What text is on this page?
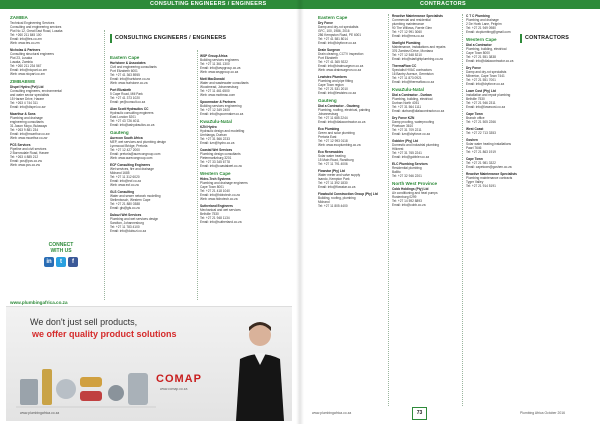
CONSULTING ENGINEERS / ENGINEERS
ZAMBIA
Technical Engineering Services
Consulting and engineering services
Plot No 12, Great East Road, Lusaka
Tel: +260 211 845 100
Email: info@tes.co.zm
Web: www.tes.co.zm
Nicholas & Partners
Consulting structural engineers
Plot 23, Lusaka
Lusaka, Zambia
Tel: +260 211 234 567
Email: info@nicpart.co.zm
Web: www.nicpart.co.zm
ZIMBABWE
Dispel Hydro (Pvt) Ltd
Consulting engineers, environmental
and water sector specialists
15 Harare Drive, Harare
Tel: +263 4 744 311
Email: info@dispel.co.zw
Mcarthur & Sons
Plumbing and drainage
engineering consultants
31 Jason Moyo, Bulawayo
Tel: +263 9 881 234
Email: info@mcarthur.co.zw
Web: www.mcarthur.co.zw
PCS Services
Pipeline and civil services
2 Borrowdale Road, Harare
Tel: +263 4 885 212
Email: pcs@pcs.co.zw
Web: www.pcs.co.zw
CONSULTING ENGINEERS / ENGINEERS
Eastern Cape
Hurlstone & Associates
Civil and engineering consultants
Port Elizabeth 6001
Tel: +27 41 363 8955
Email: info@hurlstone.co.za
Web: www.hurlstone.co.za
Port Elizabeth
5 Cape Road, Mill Park
Tel: +27 41 373 1020
Email: pe@consult.co.za
Alan Scott Hydraulics CC
Hydraulic consulting engineers
East London 5201
Tel: +27 43 726 4011
Email: info@ashydraulics.co.za
Gauteng
Aurecon South Africa
MEP, wet services and plumbing design
Lynnwood Bridge, Pretoria
Tel: +27 12 427 2000
Email: pretoria@aurecongroup.com
Web: www.aurecongroup.com
ECF Consulting Engineers
Wet services, fire and drainage
Midrand 1685
Tel: +27 11 312 6020
Email: info@ecf.co.za
Web: www.ecf.co.za
GLS Consulting
Water and sewer network modelling
Stellenbosch, Western Cape
Tel: +27 21 880 0388
Email: gls@gls.co.za
Dubuzi Wet Services
Plumbing and wet services design
Sandton, Johannesburg
Tel: +27 11 783 4100
Email: info@dubuzi.co.za
WSP Group Africa
Building services engineers
Tel: +27 11 361 1300
Email: info@wspgroup.co.za
Web: www.wspgroup.co.za
Mott MacDonald
Water and wastewater consultants
Woodmead, Johannesburg
Tel: +27 11 461 6500
Web: www.mottmac.com
Spoormaker & Partners
Building services engineering
Tel: +27 12 349 2400
Email: info@spoormaker.co.za
KwaZulu-Natal
KZN Hydro
Hydraulic design and modelling
Umhlanga, Durban
Tel: +27 31 566 2233
Email: kzn@hydro.co.za
Coastal Wet Services
Plumbing design consultants
Pietermaritzburg 3201
Tel: +27 33 345 6778
Email: info@coastalwet.co.za
Western Cape
Hidro-Tech Systems
Plumbing and drainage engineers
Cape Town 8001
Tel: +27 21 418 1040
Email: info@hidrotech.co.za
Web: www.hidrotech.co.za
Sutherland Engineers
Mechanical and wet services
Bellville 7530
Tel: +27 21 948 1134
Email: info@sutherland.co.za
CONNECT
WITH US
in	t	f
www.plumbingafrica.co.za
We don't just sell products,
we offer quality product solutions
COMAP
www.comap.co.za
www.plumbingafrica.co.za
CONTRACTORS
Eastern Cape
Dry Force
Damp and dry-rot specialists
GFC, 100, 1986, 2016
286 Kempston Road, PE 6001
Tel: +27 41 581 8014
Email: info@dryforce.co.za
Drain Surgeon
Drain clearing, CCTV inspection
Port Elizabeth
Tel: +27 41 365 9222
Email: info@drainsurgeon.co.za
Web: www.drainsurgeon.co.za
Lewistec Plumbers
Plumbing and pipe fitting
Cape Town region
Tel: +27 21 531 2010
Email: info@lewistec.co.za
Gauteng
Dial a Contractor - Gauteng
Plumbing, roofing, electrical, painting
Johannesburg
Tel: +27 11 685 2244
Email: info@dialacontractor.co.za
Eco Plumbing
Green and solar plumbing
Pretoria East
Tel: +27 12 993 0118
Web: www.ecoplumbing.co.za
Eco Renewables
Solar water heating
15 Main Road, Randburg
Tel: +27 11 791 4006
Flowstar (Pty) Ltd
Water meter and valve supply
Isando, Kempton Park
Tel: +27 11 392 1830
Email: info@flowstar.co.za
Flowbuild Construction Group (Pty) Ltd
Building, roofing, plumbing
Midrand
Tel: +27 11 805 4400
Reactive Maintenance Specialists
Commercial and residential
plumbing maintenance
90 The Willows, Faerie Glen
Tel: +27 12 991 3060
Email: info@rms.co.za
Starlight Plumbing
Maintenance, installations and repairs
376 Zambezi Drive, Montana
Tel: +27 12 548 5210
Email: info@starlightplumbing.co.za
ThermaFlow CC
Specialist HVAC contractors
16 Bantry Avenue, Germiston
Tel: +27 11 873 0921
Email: info@thermaflow.co.za
KwaZulu-Natal
Dial a Contractor - Durban
Plumbing, building, electrical
Durban North 4051
Tel: +27 31 564 1111
Email: durban@dialacontractor.co.za
Dry Force KZN
Damp proofing, waterproofing
Pinetown 3610
Tel: +27 31 709 2211
Email: kzn@dryforce.co.za
Gobbler (Pty) Ltd
Domestic and industrial plumbing
Hillcrest
Tel: +27 31 765 2241
Email: info@gobbler.co.za
ELC Plumbing Services
Residential plumbing
Ballito
Tel: +27 32 946 2201
North West Province
Cobb Holdings (Pty) Ltd
Air conditioning and heat pumps
Rustenburg 0299
Tel: +27 14 592 8893
Email: info@cobb.co.za
C T C Plumbing
Plumbing and drainage
2 De Hoek Lane, Pelgrim
Tel: +27 21 949 0980
Email: ctcplumbing@gmail.com
Western Cape
Dial a Contractor
Plumbing, building, electrical
Cape Town 8000
Tel: +27 21 551 3838
Email: info@dialacontractor.co.za
Dry Force
Damp and dry-rot specialists
Milnerton, Cape Town 7441
Tel: +27 21 551 7001
Email: info@dryforce.co.za
Lowe Cost (Pty) Ltd
Installation and repair plumbing
Bellville 7530
Tel: +27 21 946 2311
Email: info@lowecost.co.za
Cape Town
Branch office
Tel: +27 21 505 2266
West Coast
Tel: +27 22 713 3353
Goshen
Solar water heating installations
Paarl 7646
Tel: +27 21 863 1919
Cape Town
Tel: +27 21 981 3322
Email: capetown@goshen.co.za
Reactive Maintenance Specialists
Plumbing maintenance contracts
Tyger Valley
Tel: +27 21 914 5191
CONTRACTORS
www.plumbingafrica.co.za	73	Plumbing Africa October 2016
